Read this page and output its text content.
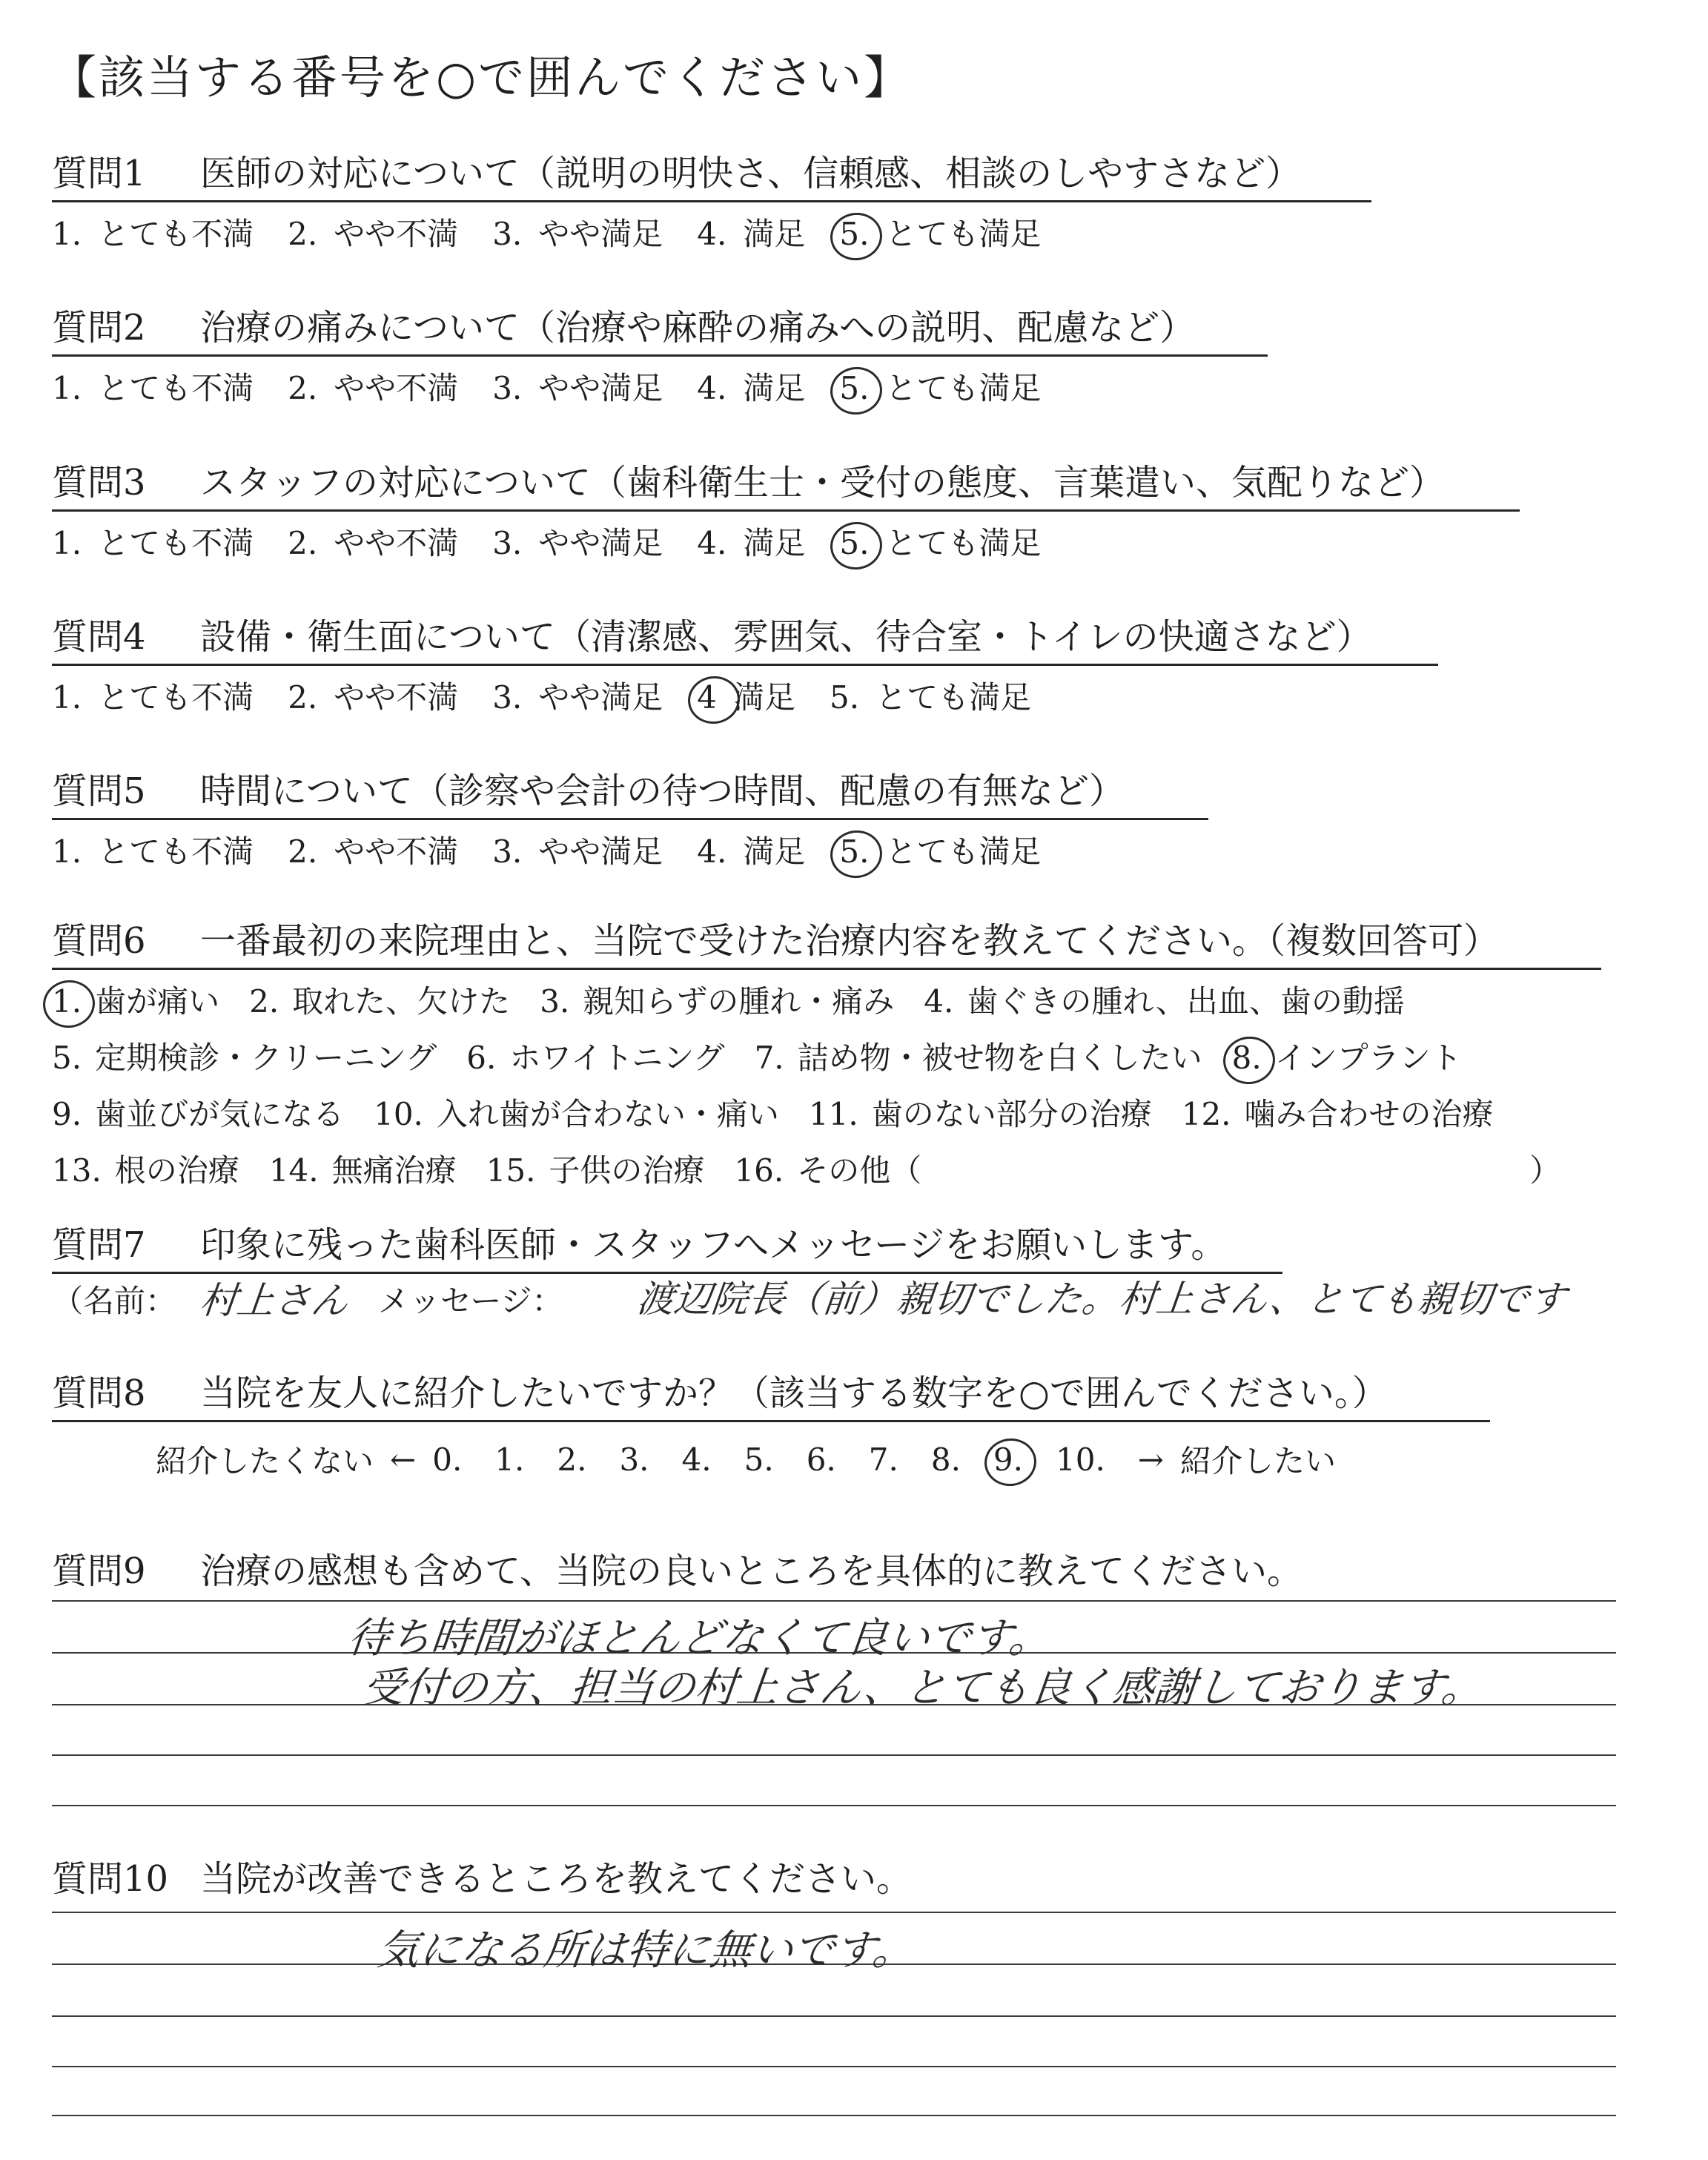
【該当する番号を○で囲んでください】
質問1 医師の対応について（説明の明快さ、信頼感、相談のしやすさなど）
1. とても不満 2. やや不満 3. やや満足 4. 満足 5. とても満足
質問2 治療の痛みについて（治療や麻酔の痛みへの説明、配慮など）
1. とても不満 2. やや不満 3. やや満足 4. 満足 5. とても満足
質問3 スタッフの対応について（歯科衛生士・受付の態度、言葉遣い、気配りなど）
1. とても不満 2. やや不満 3. やや満足 4. 満足 5. とても満足
質問4 設備・衛生面について（清潔感、雰囲気、待合室・トイレの快適さなど）
1. とても不満 2. やや不満 3. やや満足 4 満足 5. とても満足
質問5 時間について（診察や会計の待つ時間、配慮の有無など）
1. とても不満 2. やや不満 3. やや満足 4. 満足 5. とても満足
質問6 一番最初の来院理由と、当院で受けた治療内容を教えてください。（複数回答可）
1. 歯が痛い 2. 取れた、欠けた 3. 親知らずの腫れ・痛み 4. 歯ぐきの腫れ、出血、歯の動揺
5. 定期検診・クリーニング 6. ホワイトニング 7. 詰め物・被せ物を白くしたい 8. インプラント
9. 歯並びが気になる 10. 入れ歯が合わない・痛い 11. 歯のない部分の治療 12. 噛み合わせの治療
13. 根の治療 14. 無痛治療 15. 子供の治療 16. その他（	）
質問7 印象に残った歯科医師・スタッフへメッセージをお願いします。
（名前： 村上さん メッセージ： 渡辺院長（前）親切でした。村上さん、とても親切です
質問8 当院を友人に紹介したいですか？（該当する数字を○で囲んでください。）
紹介したくない ← 0. 1. 2. 3. 4. 5. 6. 7. 8. 9. 10. → 紹介したい
質問9 治療の感想も含めて、当院の良いところを具体的に教えてください。
待ち時間がほとんどなくて良いです。
受付の方、担当の村上さん、とても良く感謝しております。
質問10 当院が改善できるところを教えてください。
気になる所は特に無いです。
